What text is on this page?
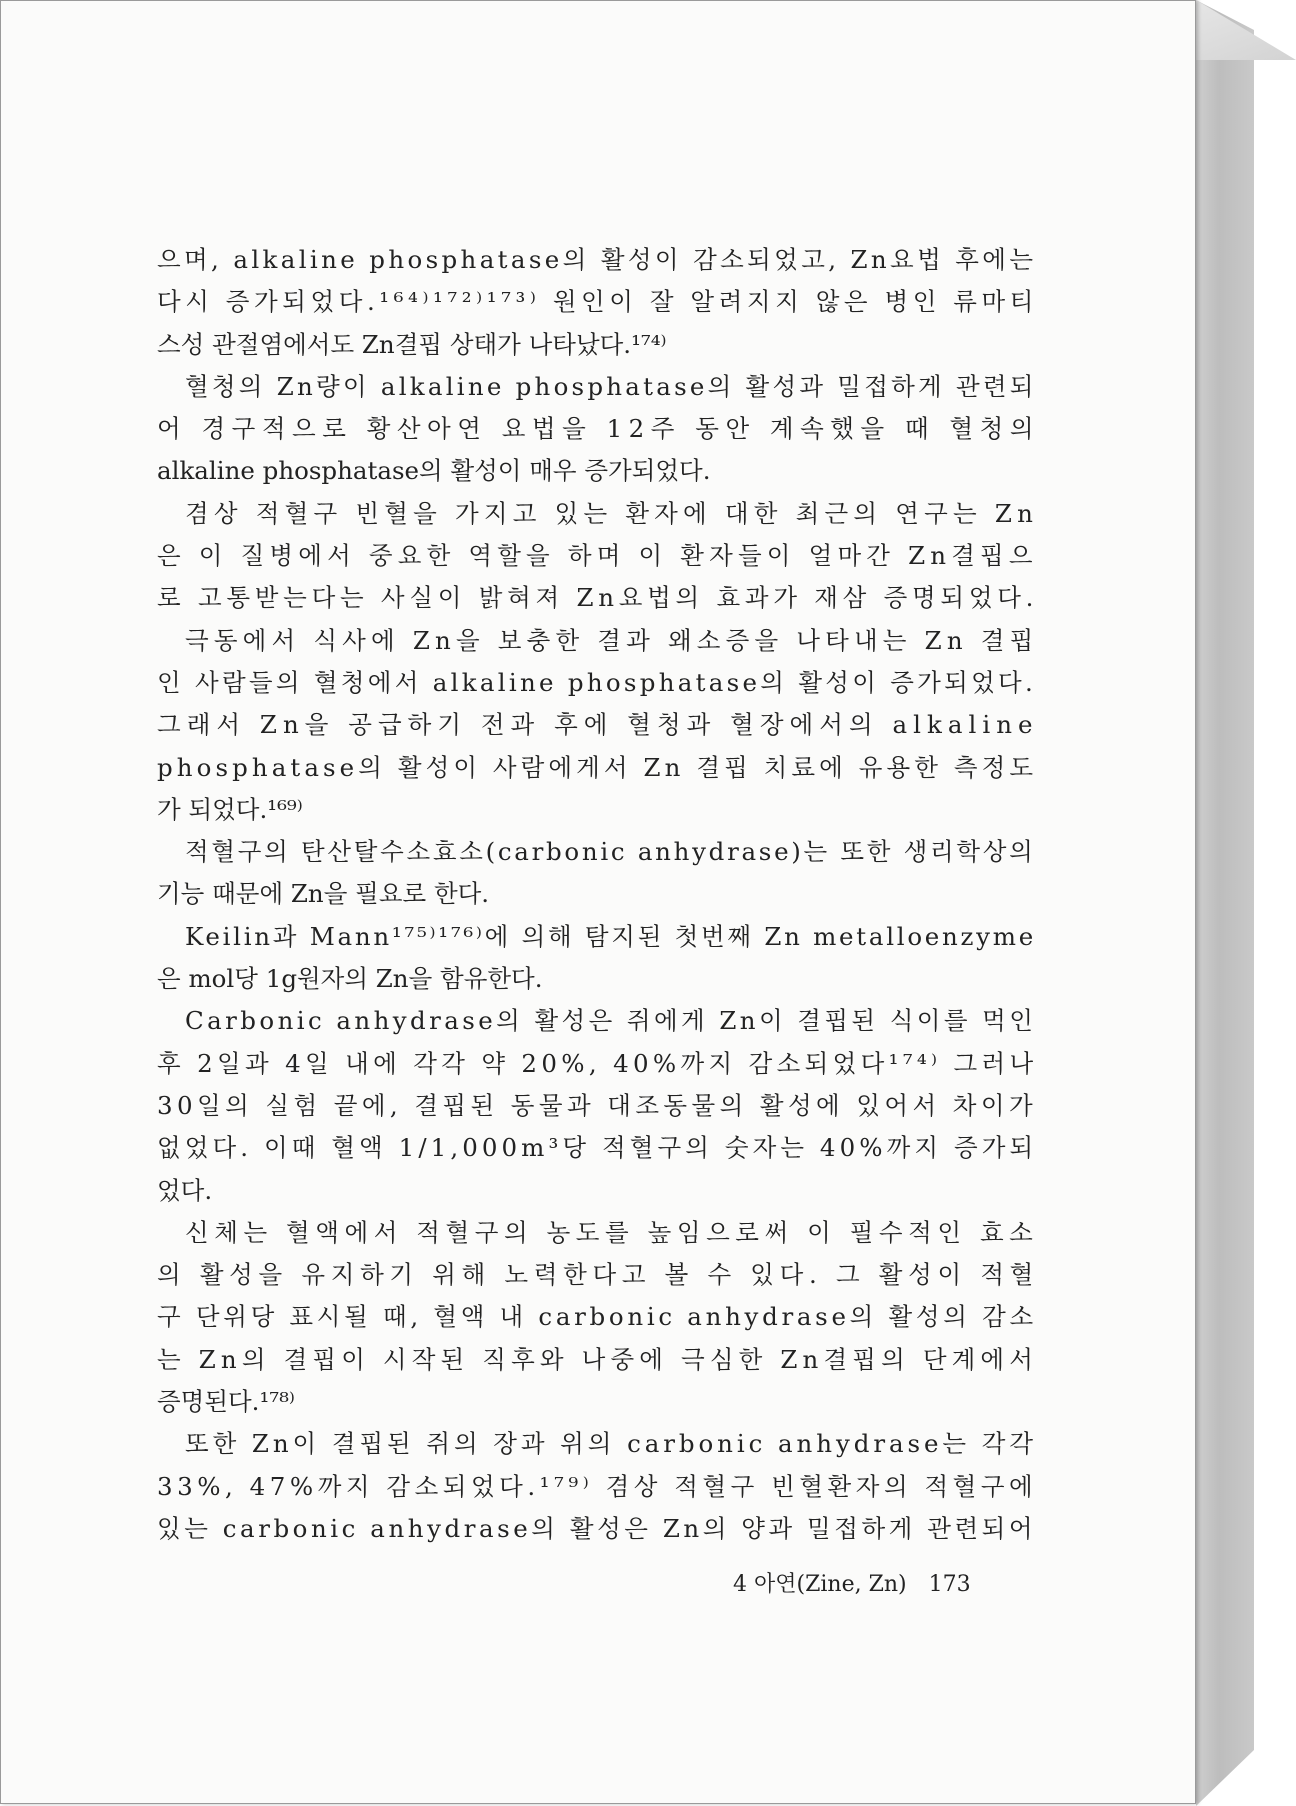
으며, alkaline phosphatase의 활성이 감소되었고, Zn요법 후에는
다시 증가되었다.¹⁶⁴⁾¹⁷²⁾¹⁷³⁾ 원인이 잘 알려지지 않은 병인 류마티
스성 관절염에서도 Zn결핍 상태가 나타났다.¹⁷⁴⁾
혈청의 Zn량이 alkaline phosphatase의 활성과 밀접하게 관련되
어 경구적으로 황산아연 요법을 12주 동안 계속했을 때 혈청의
alkaline phosphatase의 활성이 매우 증가되었다.
겸상 적혈구 빈혈을 가지고 있는 환자에 대한 최근의 연구는 Zn
은 이 질병에서 중요한 역할을 하며 이 환자들이 얼마간 Zn결핍으
로 고통받는다는 사실이 밝혀져 Zn요법의 효과가 재삼 증명되었다.
극동에서 식사에 Zn을 보충한 결과 왜소증을 나타내는 Zn 결핍
인 사람들의 혈청에서 alkaline phosphatase의 활성이 증가되었다.
그래서 Zn을 공급하기 전과 후에 혈청과 혈장에서의 alkaline
phosphatase의 활성이 사람에게서 Zn 결핍 치료에 유용한 측정도
가 되었다.¹⁶⁹⁾
적혈구의 탄산탈수소효소(carbonic anhydrase)는 또한 생리학상의
기능 때문에 Zn을 필요로 한다.
Keilin과 Mann¹⁷⁵⁾¹⁷⁶⁾에 의해 탐지된 첫번째 Zn metalloenzyme
은 mol당 1g원자의 Zn을 함유한다.
Carbonic anhydrase의 활성은 쥐에게 Zn이 결핍된 식이를 먹인
후 2일과 4일 내에 각각 약 20%, 40%까지 감소되었다¹⁷⁴⁾ 그러나
30일의 실험 끝에, 결핍된 동물과 대조동물의 활성에 있어서 차이가
없었다. 이때 혈액 1/1,000m³당 적혈구의 숫자는 40%까지 증가되
었다.
신체는 혈액에서 적혈구의 농도를 높임으로써 이 필수적인 효소
의 활성을 유지하기 위해 노력한다고 볼 수 있다. 그 활성이 적혈
구 단위당 표시될 때, 혈액 내 carbonic anhydrase의 활성의 감소
는 Zn의 결핍이 시작된 직후와 나중에 극심한 Zn결핍의 단계에서
증명된다.¹⁷⁸⁾
또한 Zn이 결핍된 쥐의 장과 위의 carbonic anhydrase는 각각
33%, 47%까지 감소되었다.¹⁷⁹⁾ 겸상 적혈구 빈혈환자의 적혈구에
있는 carbonic anhydrase의 활성은 Zn의 양과 밀접하게 관련되어
4 아연(Zine, Zn) 173
